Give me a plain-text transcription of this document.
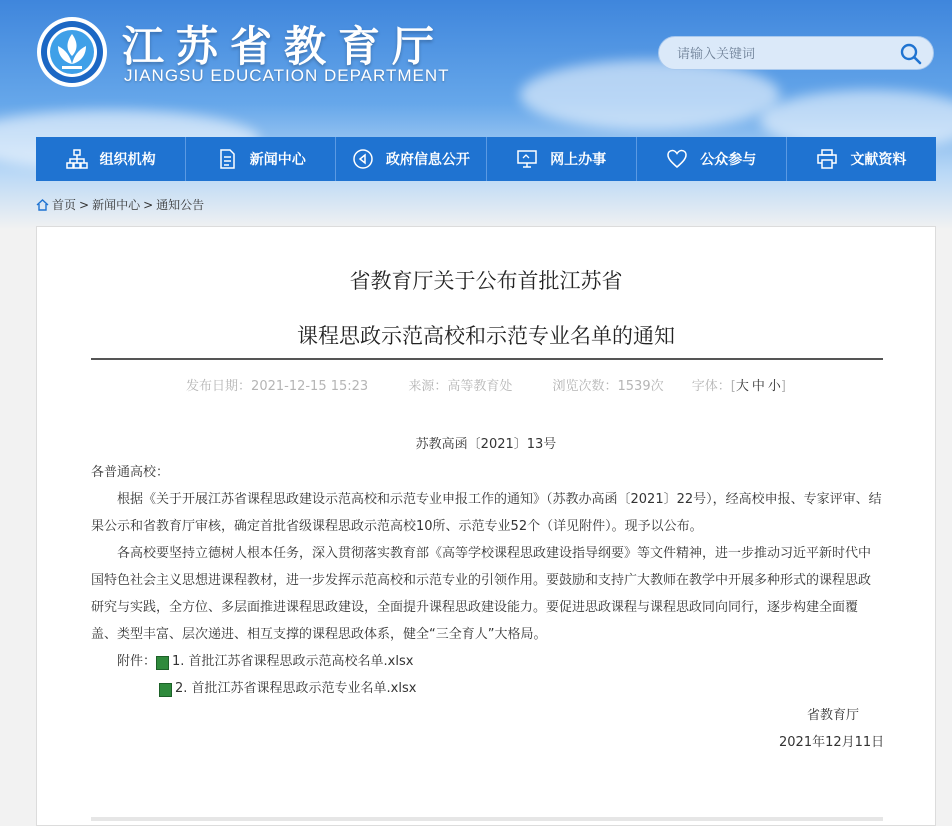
江苏省教育厅
JIANGSU EDUCATION DEPARTMENT
请输入关键词
组织机构	新闻中心	政府信息公开	网上办事	公众参与	文献资料
首页 > 新闻中心 > 通知公告
省教育厅关于公布首批江苏省
课程思政示范高校和示范专业名单的通知
发布日期：2021-12-15 15:23	来源：高等教育处	浏览次数：1539次 字体：[大 中 小]
苏教高函〔2021〕13号

各普通高校：

根据《关于开展江苏省课程思政建设示范高校和示范专业申报工作的通知》（苏教办高函〔2021〕22号），经高校申报、专家评审、结果公示和省教育厅审核，确定首批省级课程思政示范高校10所、示范专业52个（详见附件）。现予以公布。

各高校要坚持立德树人根本任务，深入贯彻落实教育部《高等学校课程思政建设指导纲要》等文件精神，进一步推动习近平新时代中国特色社会主义思想进课程教材，进一步发挥示范高校和示范专业的引领作用。要鼓励和支持广大教师在教学中开展多种形式的课程思政研究与实践，全方位、多层面推进课程思政建设，全面提升课程思政建设能力。要促进思政课程与课程思政同向同行，逐步构建全面覆盖、类型丰富、层次递进、相互支撑的课程思政体系，健全“三全育人”大格局。

附件： 1. 首批江苏省课程思政示范高校名单.xlsx
2. 首批江苏省课程思政示范专业名单.xlsx
省教育厅
2021年12月11日
